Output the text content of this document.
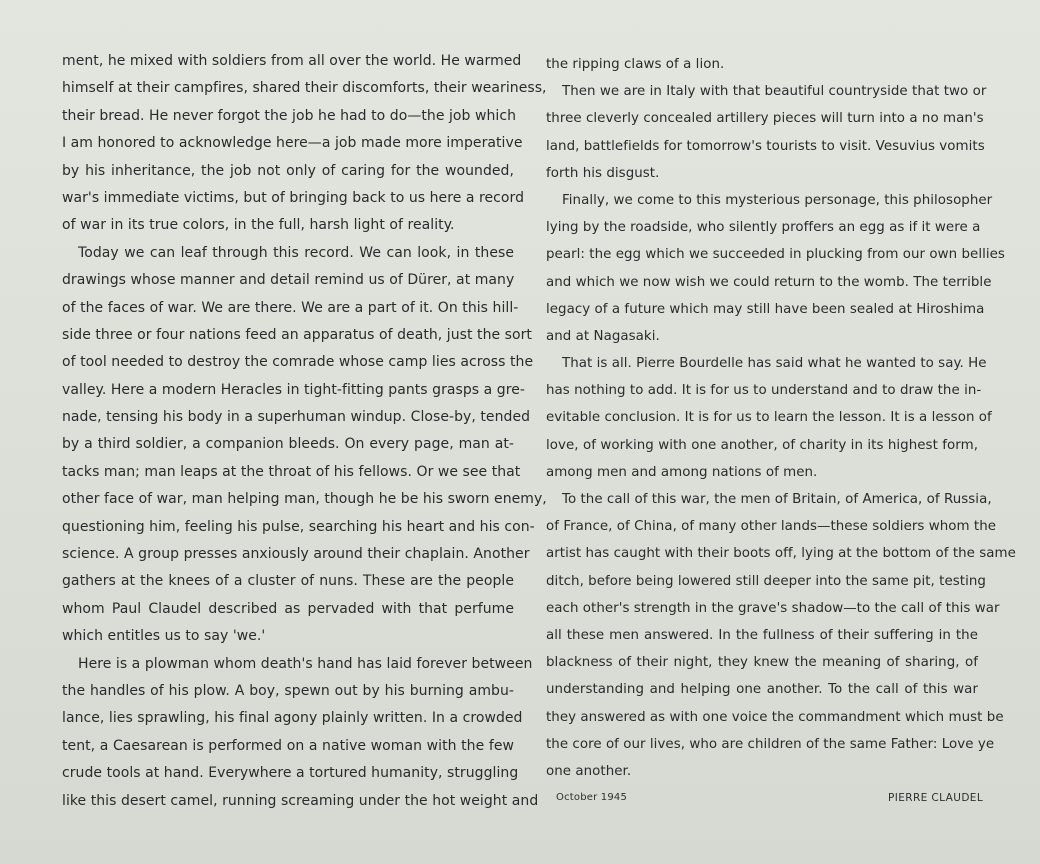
ment, he mixed with soldiers from all over the world. He warmed
himself at their campfires, shared their discomforts, their weariness,
their bread. He never forgot the job he had to do—the job which
I am honored to acknowledge here—a job made more imperative
by his inheritance, the job not only of caring for the wounded,
war's immediate victims, but of bringing back to us here a record
of war in its true colors, in the full, harsh light of reality.
Today we can leaf through this record. We can look, in these
drawings whose manner and detail remind us of Dürer, at many
of the faces of war. We are there. We are a part of it. On this hill-
side three or four nations feed an apparatus of death, just the sort
of tool needed to destroy the comrade whose camp lies across the
valley. Here a modern Heracles in tight-fitting pants grasps a gre-
nade, tensing his body in a superhuman windup. Close-by, tended
by a third soldier, a companion bleeds. On every page, man at-
tacks man; man leaps at the throat of his fellows. Or we see that
other face of war, man helping man, though he be his sworn enemy,
questioning him, feeling his pulse, searching his heart and his con-
science. A group presses anxiously around their chaplain. Another
gathers at the knees of a cluster of nuns. These are the people
whom Paul Claudel described as pervaded with that perfume
which entitles us to say 'we.'
Here is a plowman whom death's hand has laid forever between
the handles of his plow. A boy, spewn out by his burning ambu-
lance, lies sprawling, his final agony plainly written. In a crowded
tent, a Caesarean is performed on a native woman with the few
crude tools at hand. Everywhere a tortured humanity, struggling
like this desert camel, running screaming under the hot weight and
the ripping claws of a lion.
Then we are in Italy with that beautiful countryside that two or
three cleverly concealed artillery pieces will turn into a no man's
land, battlefields for tomorrow's tourists to visit. Vesuvius vomits
forth his disgust.
Finally, we come to this mysterious personage, this philosopher
lying by the roadside, who silently proffers an egg as if it were a
pearl: the egg which we succeeded in plucking from our own bellies
and which we now wish we could return to the womb. The terrible
legacy of a future which may still have been sealed at Hiroshima
and at Nagasaki.
That is all. Pierre Bourdelle has said what he wanted to say. He
has nothing to add. It is for us to understand and to draw the in-
evitable conclusion. It is for us to learn the lesson. It is a lesson of
love, of working with one another, of charity in its highest form,
among men and among nations of men.
To the call of this war, the men of Britain, of America, of Russia,
of France, of China, of many other lands—these soldiers whom the
artist has caught with their boots off, lying at the bottom of the same
ditch, before being lowered still deeper into the same pit, testing
each other's strength in the grave's shadow—to the call of this war
all these men answered. In the fullness of their suffering in the
blackness of their night, they knew the meaning of sharing, of
understanding and helping one another. To the call of this war
they answered as with one voice the commandment which must be
the core of our lives, who are children of the same Father: Love ye
one another.
October 1945	PIERRE CLAUDEL
